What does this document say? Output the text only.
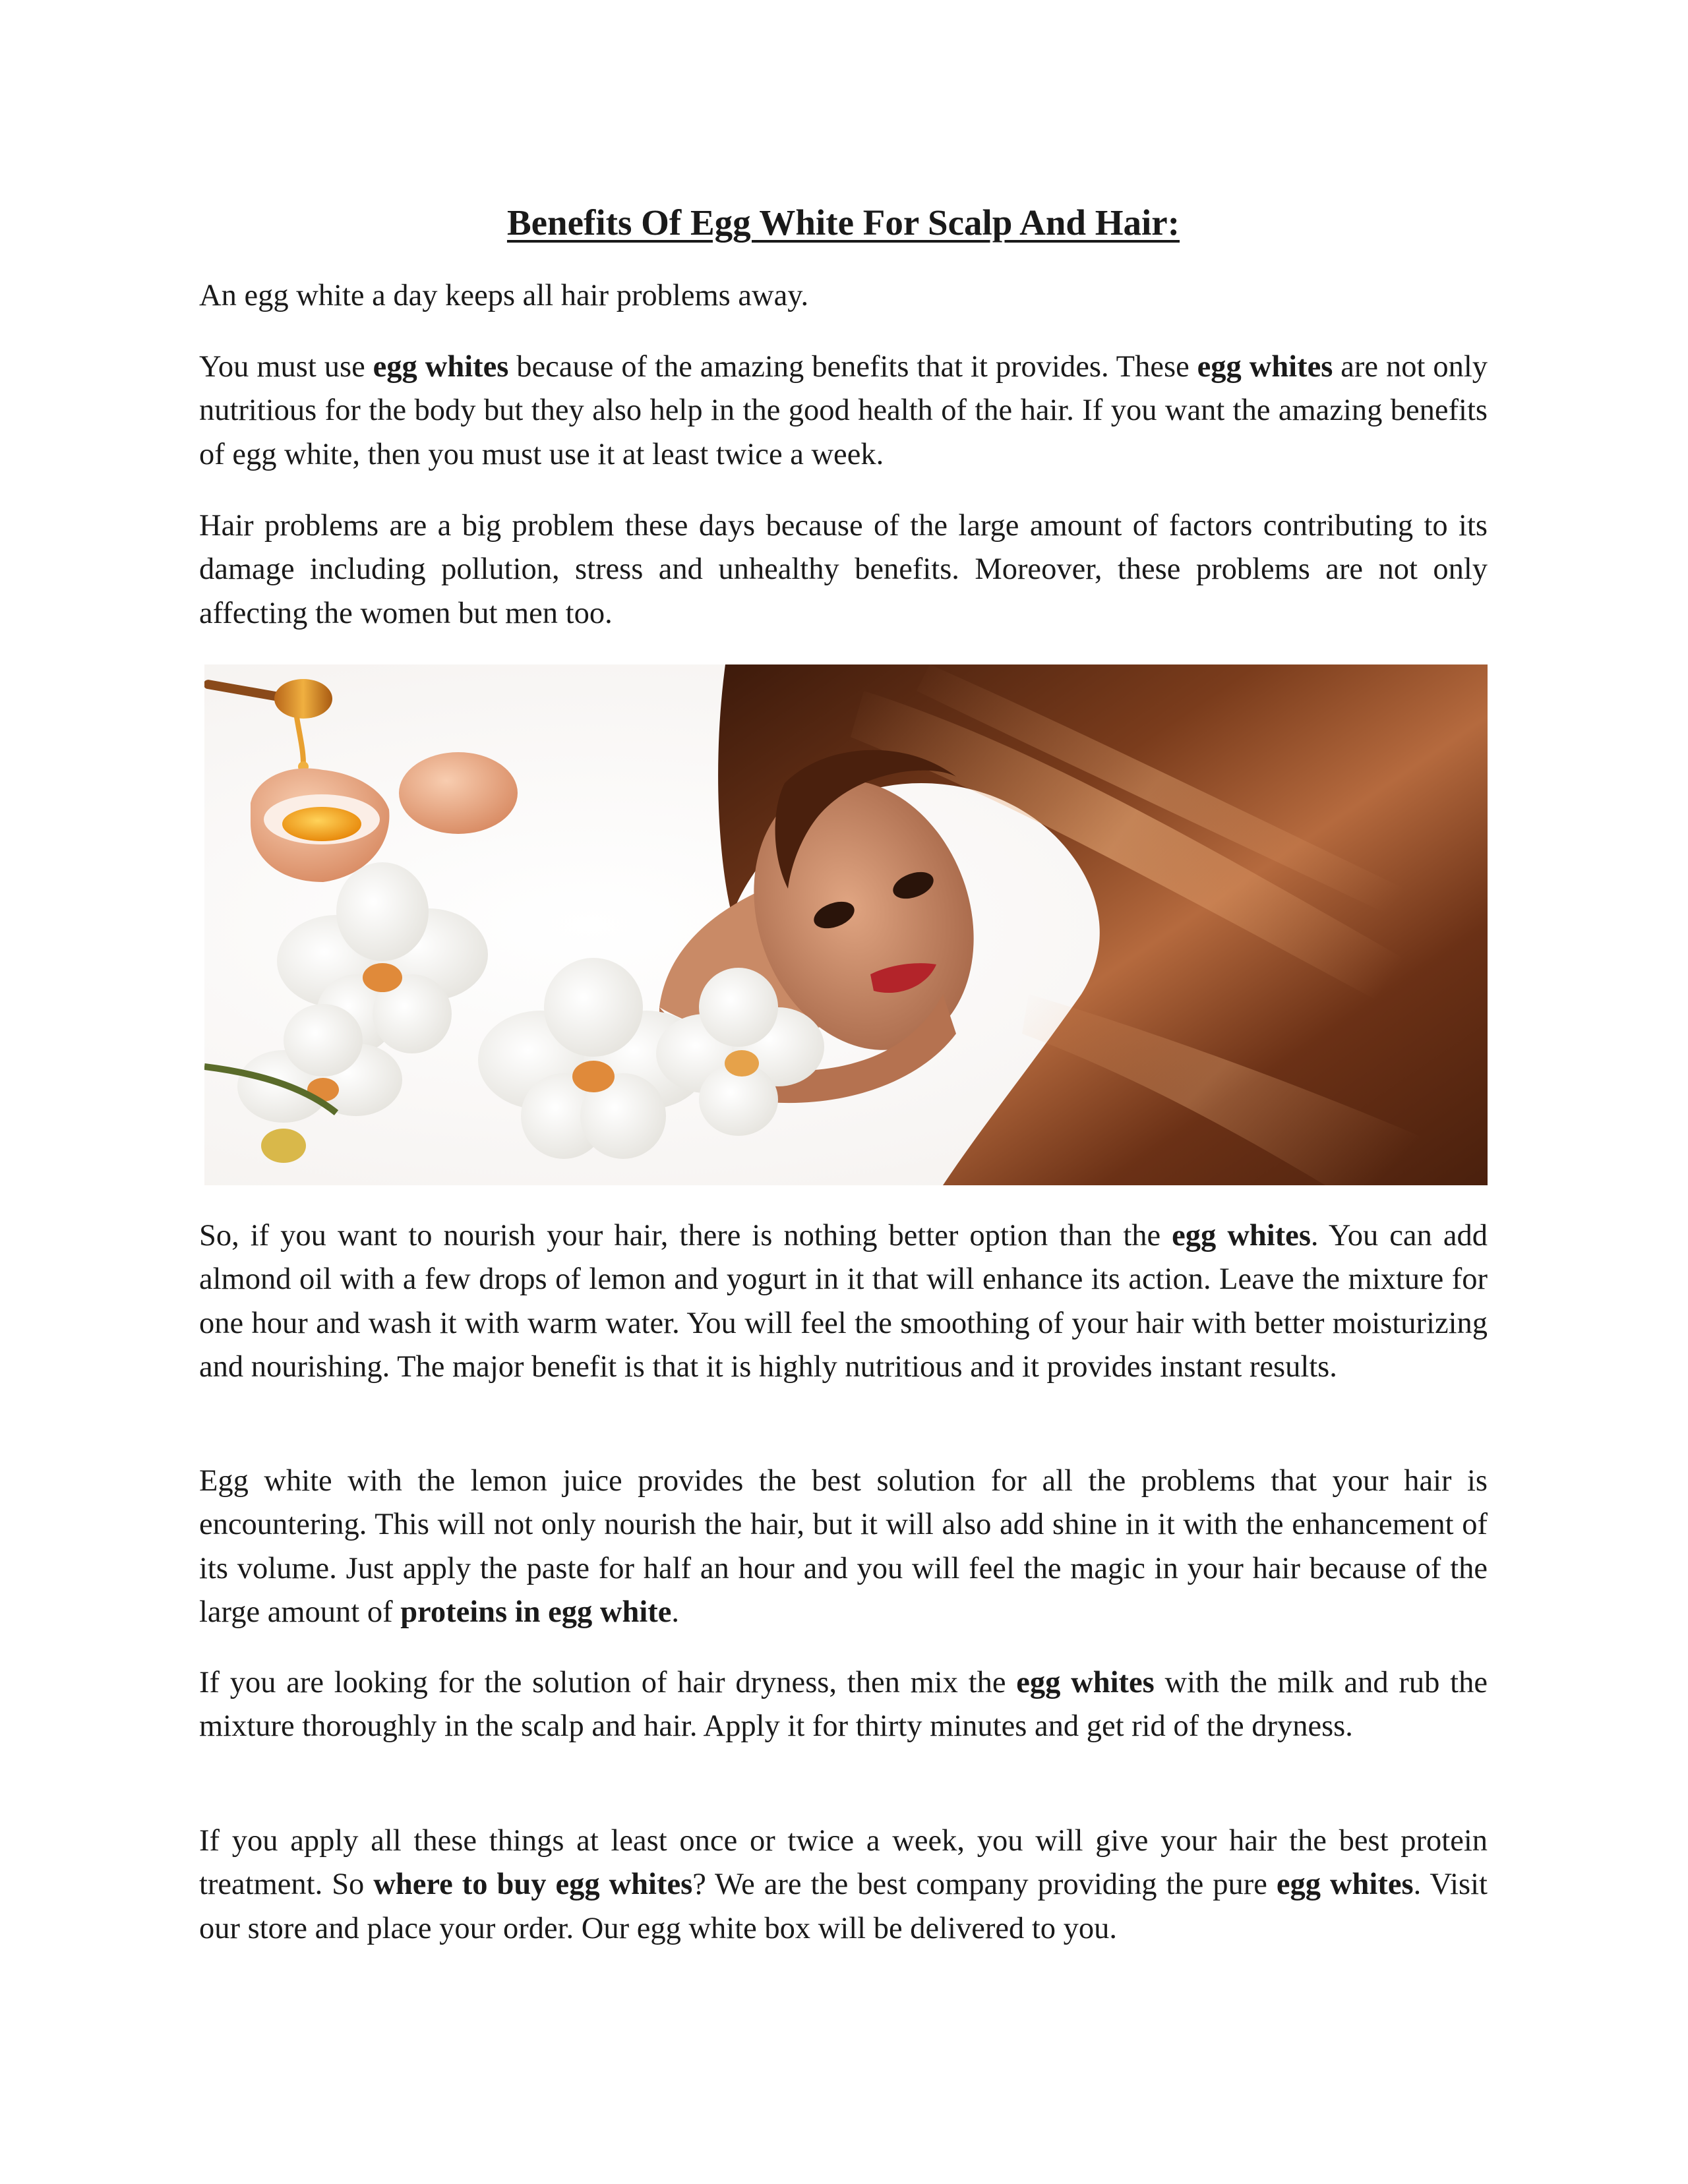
Benefits Of Egg White For Scalp And Hair:

An egg white a day keeps all hair problems away.

You must use egg whites because of the amazing benefits that it provides. These egg whites are not only nutritious for the body but they also help in the good health of the hair. If you want the amazing benefits of egg white, then you must use it at least twice a week.

Hair problems are a big problem these days because of the large amount of factors contributing to its damage including pollution, stress and unhealthy benefits. Moreover, these problems are not only affecting the women but men too.

So, if you want to nourish your hair, there is nothing better option than the egg whites. You can add almond oil with a few drops of lemon and yogurt in it that will enhance its action. Leave the mixture for one hour and wash it with warm water. You will feel the smoothing of your hair with better moisturizing and nourishing. The major benefit is that it is highly nutritious and it provides instant results.

Egg white with the lemon juice provides the best solution for all the problems that your hair is encountering. This will not only nourish the hair, but it will also add shine in it with the enhancement of its volume. Just apply the paste for half an hour and you will feel the magic in your hair because of the large amount of proteins in egg white.

If you are looking for the solution of hair dryness, then mix the egg whites with the milk and rub the mixture thoroughly in the scalp and hair. Apply it for thirty minutes and get rid of the dryness.

If you apply all these things at least once or twice a week, you will give your hair the best protein treatment. So where to buy egg whites? We are the best company providing the pure egg whites. Visit our store and place your order. Our egg white box will be delivered to you.
